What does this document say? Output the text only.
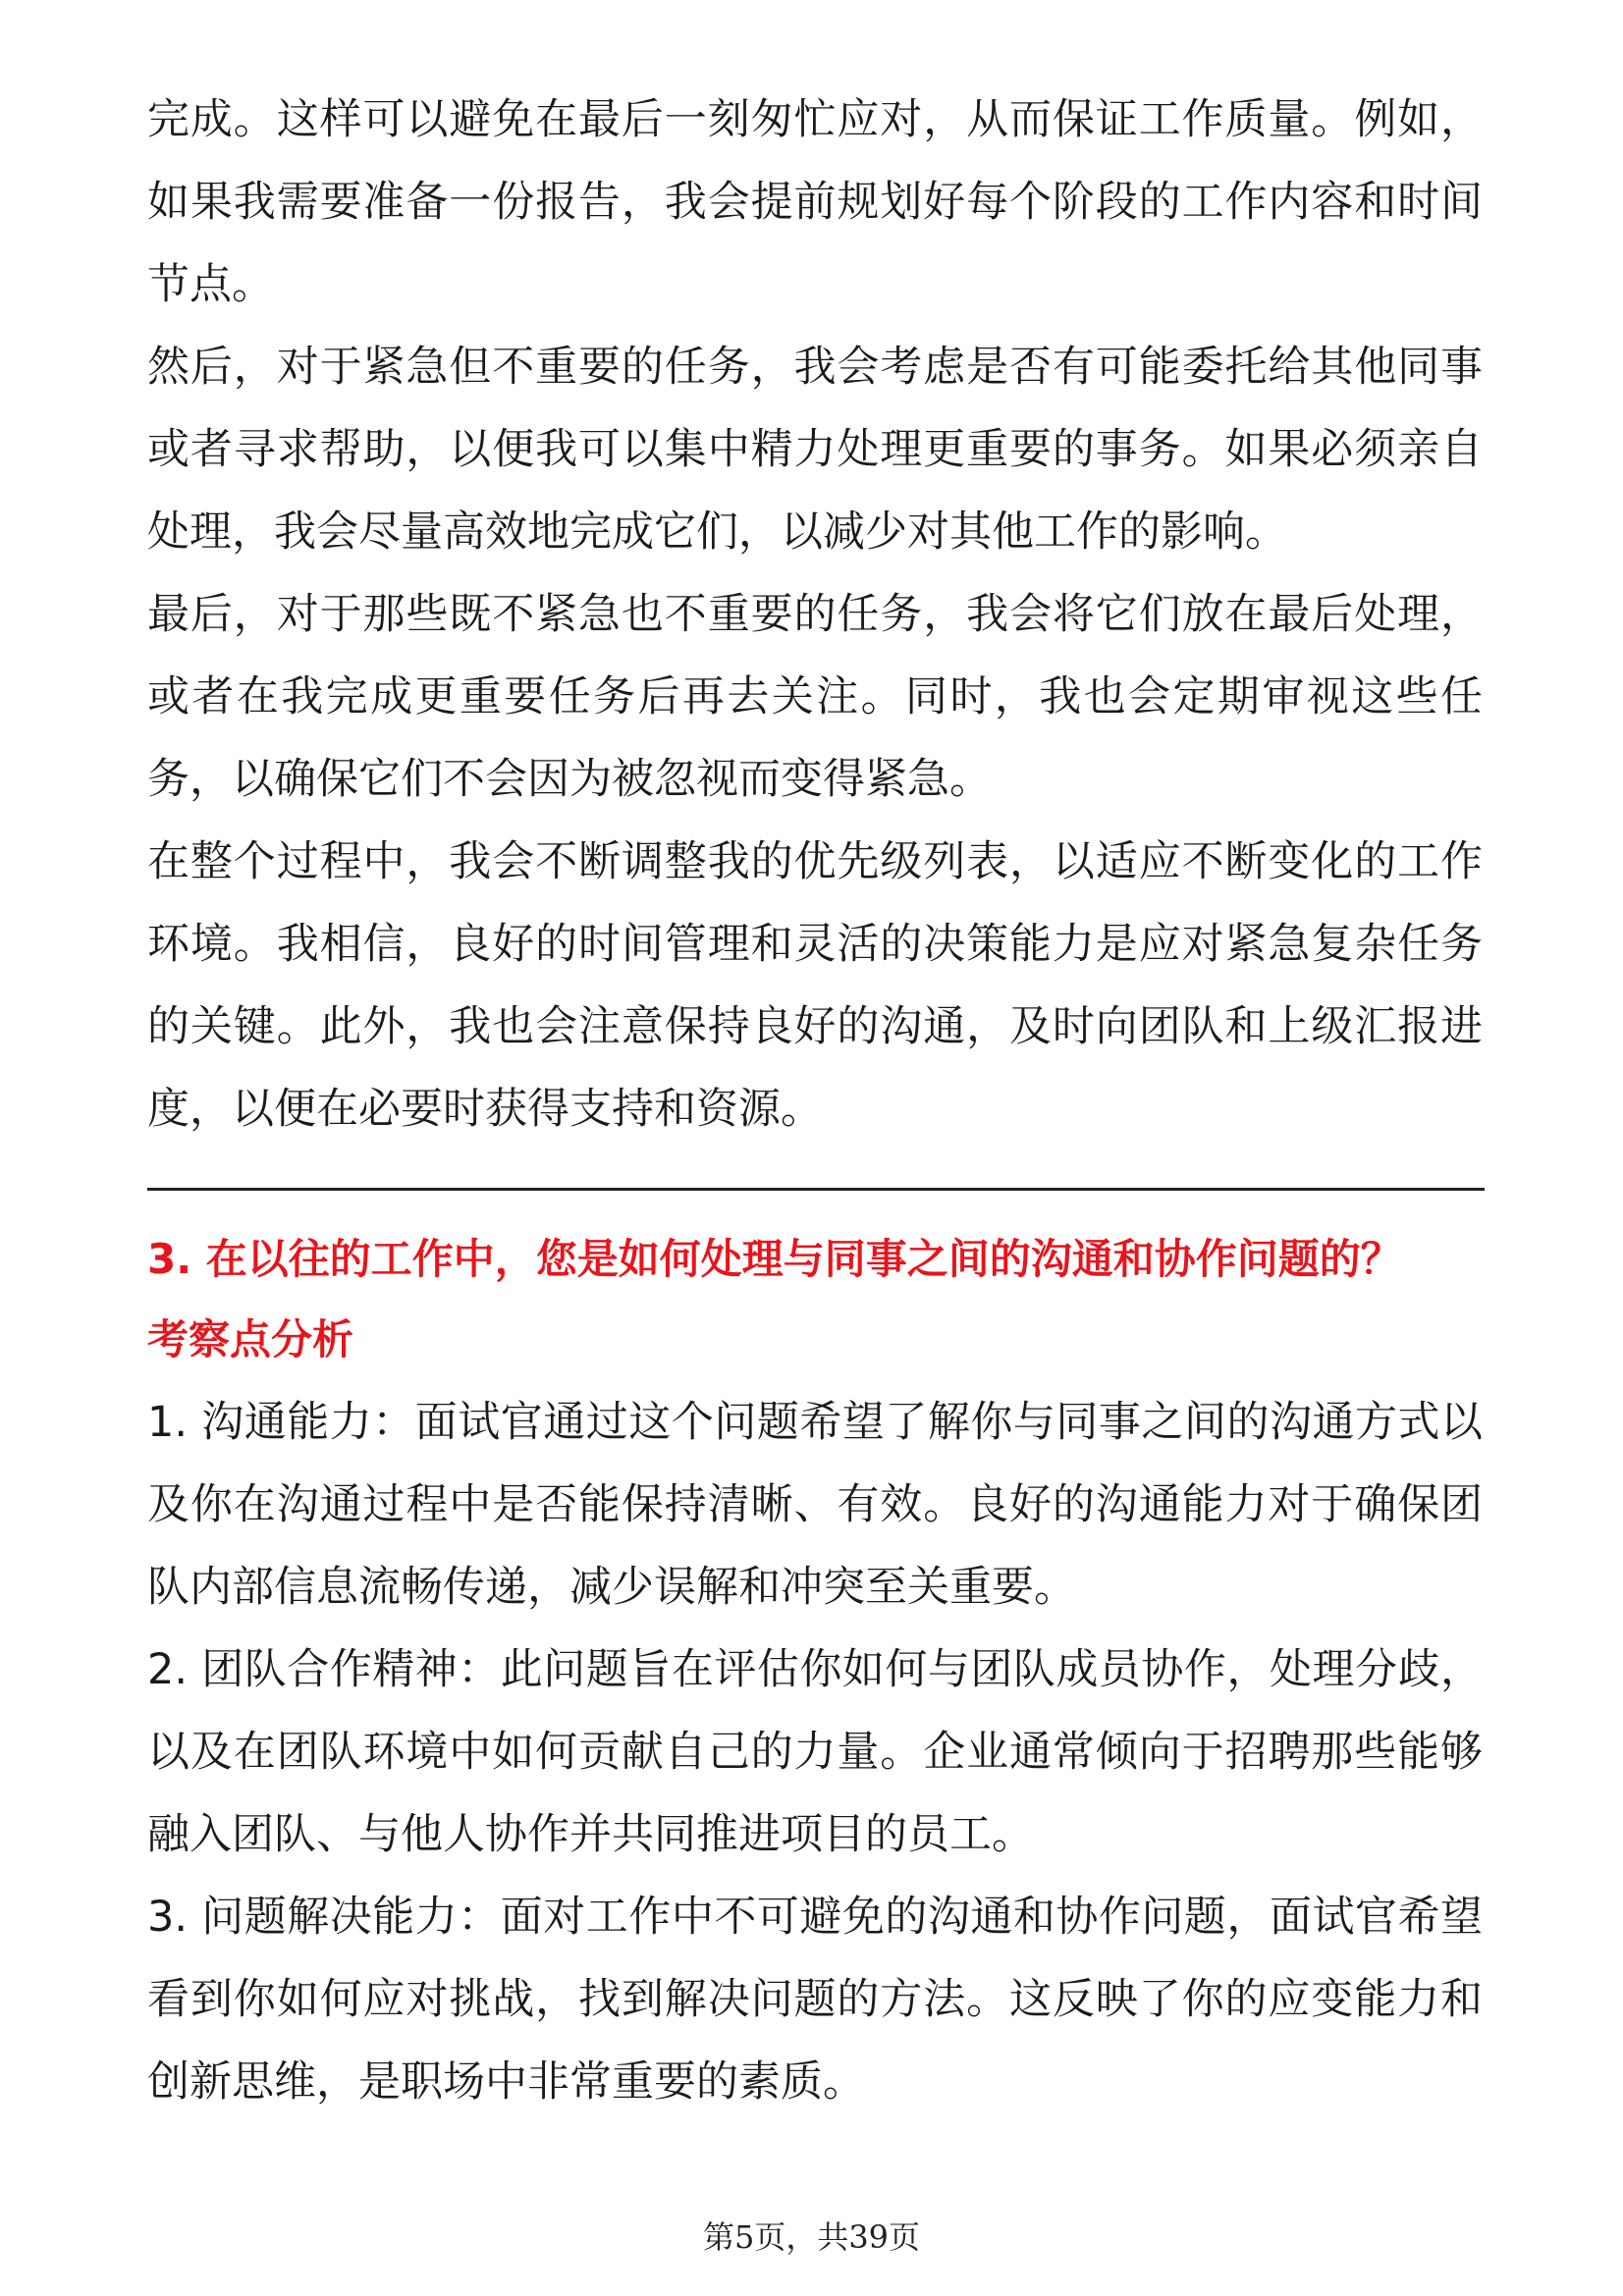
完成。这样可以避免在最后一刻匆忙应对，从而保证工作质量。例如，如果我需要准备一份报告，我会提前规划好每个阶段的工作内容和时间节点。

然后，对于紧急但不重要的任务，我会考虑是否有可能委托给其他同事或者寻求帮助，以便我可以集中精力处理更重要的事务。如果必须亲自处理，我会尽量高效地完成它们，以减少对其他工作的影响。

最后，对于那些既不紧急也不重要的任务，我会将它们放在最后处理，或者在我完成更重要任务后再去关注。同时，我也会定期审视这些任务，以确保它们不会因为被忽视而变得紧急。

在整个过程中，我会不断调整我的优先级列表，以适应不断变化的工作环境。我相信，良好的时间管理和灵活的决策能力是应对紧急复杂任务的关键。此外，我也会注意保持良好的沟通，及时向团队和上级汇报进度，以便在必要时获得支持和资源。

3. 在以往的工作中，您是如何处理与同事之间的沟通和协作问题的？

考察点分析

1. 沟通能力：面试官通过这个问题希望了解你与同事之间的沟通方式以及你在沟通过程中是否能保持清晰、有效。良好的沟通能力对于确保团队内部信息流畅传递，减少误解和冲突至关重要。

2. 团队合作精神：此问题旨在评估你如何与团队成员协作，处理分歧，以及在团队环境中如何贡献自己的力量。企业通常倾向于招聘那些能够融入团队、与他人协作并共同推进项目的员工。

3. 问题解决能力：面对工作中不可避免的沟通和协作问题，面试官希望看到你如何应对挑战，找到解决问题的方法。这反映了你的应变能力和创新思维，是职场中非常重要的素质。

第5页，共39页
